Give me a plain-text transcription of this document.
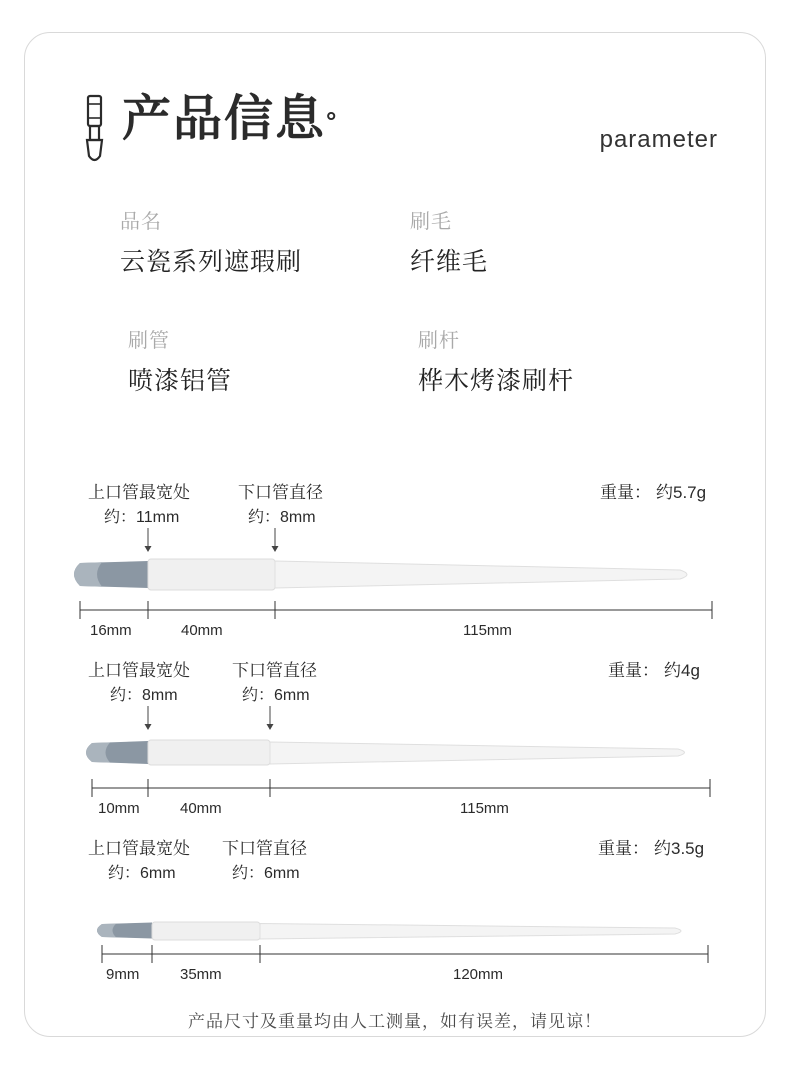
产品信息°
parameter
品名
云瓷系列遮瑕刷
刷毛
纤维毛
刷管
喷漆铝管
刷杆
桦木烤漆刷杆
上口管最宽处
约：11mm
下口管直径
约：8mm
重量： 约5.7g
16mm	40mm	115mm
上口管最宽处
约：8mm
下口管直径
约：6mm
重量： 约4g
10mm	40mm	115mm
上口管最宽处
约：6mm
下口管直径
约：6mm
重量： 约3.5g
9mm	35mm	120mm
产品尺寸及重量均由人工测量，如有误差，请见谅！
